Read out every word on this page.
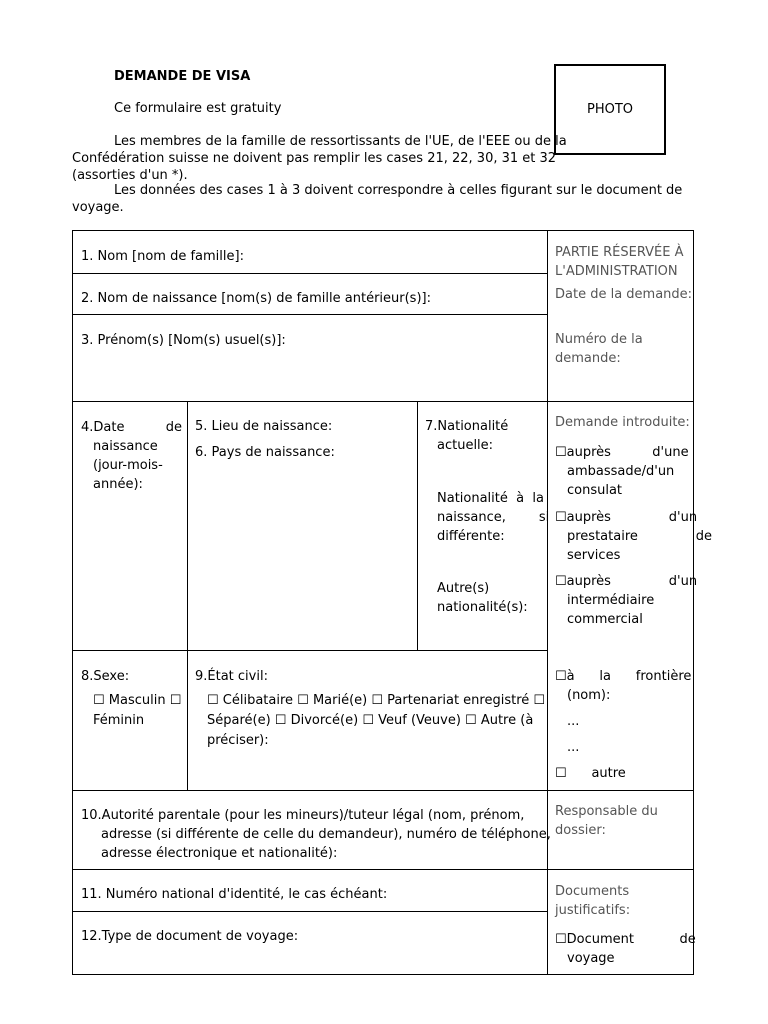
DEMANDE DE VISA
Ce formulaire est gratuity	PHOTO
Les membres de la famille de ressortissants de l'UE, de l'EEE ou de la
Confédération suisse ne doivent pas remplir les cases 21, 22, 30, 31 et 32
(assorties d'un *).
Les données des cases 1 à 3 doivent correspondre à celles figurant sur le document de
voyage.
1. Nom [nom de famille]:
2. Nom de naissance [nom(s) de famille antérieur(s)]:
3. Prénom(s) [Nom(s) usuel(s)]:
4.Date          de
naissance
(jour-mois-
année):
5. Lieu de naissance:
6. Pays de naissance:
7.Nationalité
actuelle:
Nationalité  à  la
naissance,        si
différente:
Autre(s)
nationalité(s):
8.Sexe:
☐ Masculin ☐
Féminin
9.État civil:
☐ Célibataire ☐ Marié(e) ☐ Partenariat enregistré ☐
Séparé(e) ☐ Divorcé(e) ☐ Veuf (Veuve) ☐ Autre (à
préciser):
10.Autorité parentale (pour les mineurs)/tuteur légal (nom, prénom,
adresse (si différente de celle du demandeur), numéro de téléphone,
adresse électronique et nationalité):
11. Numéro national d'identité, le cas échéant:
12.Type de document de voyage:
PARTIE RÉSERVÉE À
L'ADMINISTRATION
Date de la demande:
Numéro de la
demande:
Demande introduite:
☐auprès          d'une
ambassade/d'un
consulat
☐auprès              d'un
prestataire              de
services
☐auprès              d'un
intermédiaire
commercial
☐à      la      frontière
(nom):
...
...
☐      autre
Responsable du
dossier:
Documents
justificatifs:
☐Document           de
voyage
